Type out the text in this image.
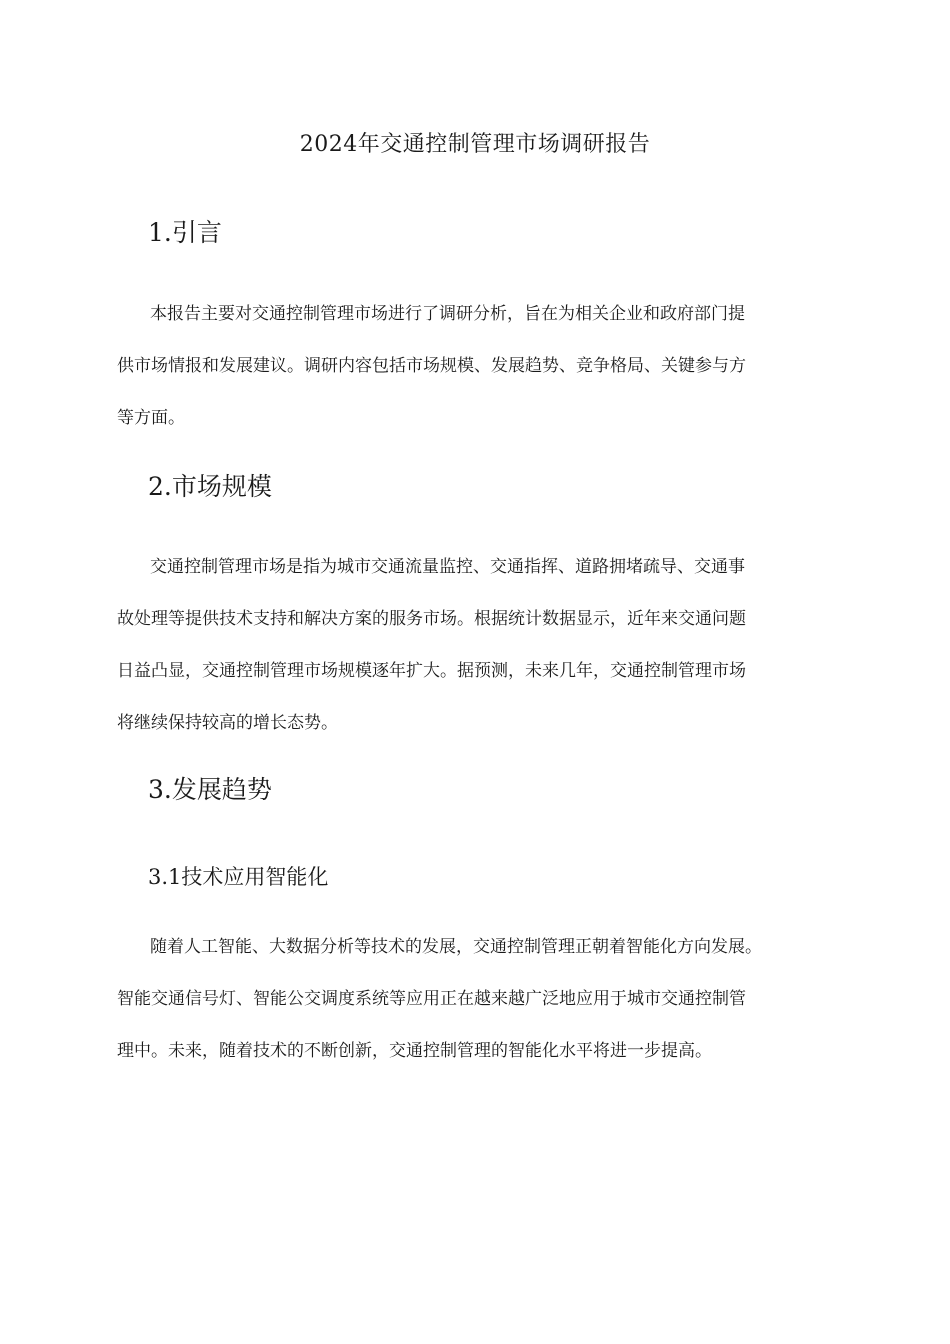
2024年交通控制管理市场调研报告
1.引言
本报告主要对交通控制管理市场进行了调研分析，旨在为相关企业和政府部门提
供市场情报和发展建议。调研内容包括市场规模、发展趋势、竞争格局、关键参与方
等方面。
2.市场规模
交通控制管理市场是指为城市交通流量监控、交通指挥、道路拥堵疏导、交通事
故处理等提供技术支持和解决方案的服务市场。根据统计数据显示，近年来交通问题
日益凸显，交通控制管理市场规模逐年扩大。据预测，未来几年，交通控制管理市场
将继续保持较高的增长态势。
3.发展趋势
3.1技术应用智能化
随着人工智能、大数据分析等技术的发展，交通控制管理正朝着智能化方向发展。
智能交通信号灯、智能公交调度系统等应用正在越来越广泛地应用于城市交通控制管
理中。未来，随着技术的不断创新，交通控制管理的智能化水平将进一步提高。
